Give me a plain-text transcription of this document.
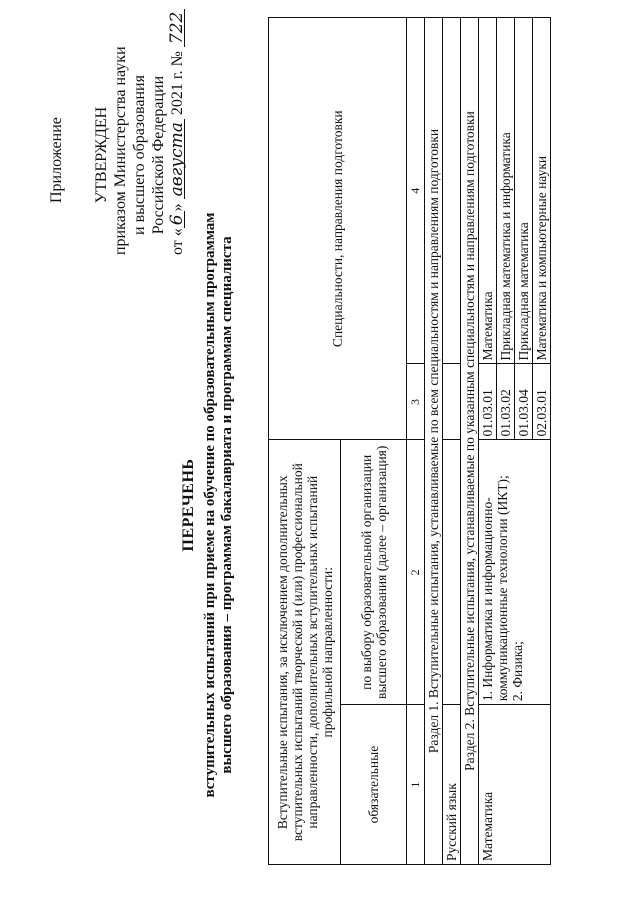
Приложение УТВЕРЖДЕН приказом Министерства науки и высшего образования Российской Федерации
от «6» августа 2021 г. № 722
ПЕРЕЧЕНЬ вступительных испытаний при приеме на обучение по образовательным программам высшего образования – программам бакалавриата и программам специалиста	Вступительные испытания, за исключением дополнительных вступительных испытаний творческой и (или) профессиональной направленности, дополнительных вступительных испытаний профильной направленности:		Специальности, направления подготовки	
обязательные	по выбору образовательной организации высшего образования (далее – организация)		

1	2	3	4
Раздел 1. Вступительные испытания, устанавливаемые по всем специальностям и направлениям подготовки			
Русский язык			
Раздел 2. Вступительные испытания, устанавливаемые по указанным специальностям и направлениям подготовки			
Математика	1. Информатика и информационно-коммуникационные технологии (ИКТ); 2. Физика;	01.03.01	Математика
		01.03.02	Прикладная математика и информатика
		01.03.04	Прикладная математика
		02.03.01	Математика и компьютерные науки
